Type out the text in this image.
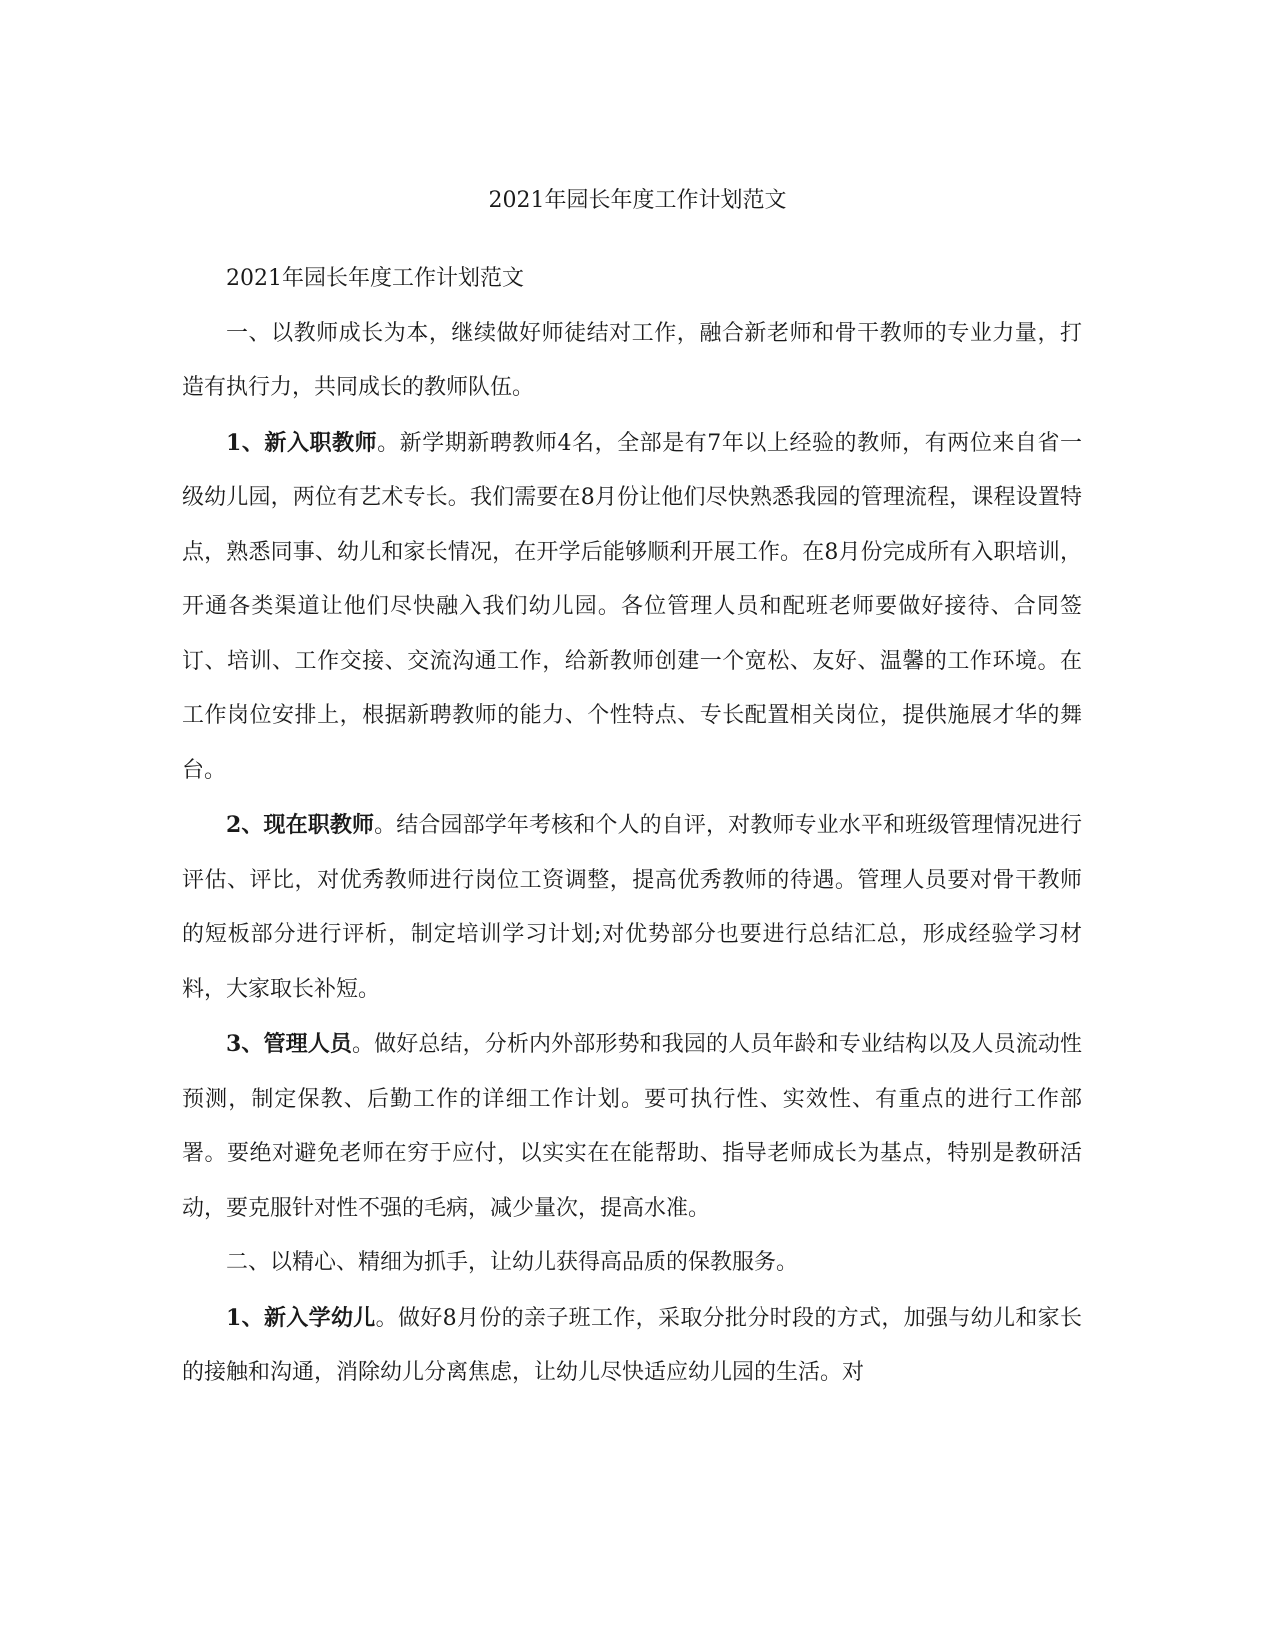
2021年园长年度工作计划范文

2021年园长年度工作计划范文

一、以教师成长为本，继续做好师徒结对工作，融合新老师和骨干教师的专业力量，打造有执行力，共同成长的教师队伍。

1、新入职教师。新学期新聘教师4名，全部是有7年以上经验的教师，有两位来自省一级幼儿园，两位有艺术专长。我们需要在8月份让他们尽快熟悉我园的管理流程，课程设置特点，熟悉同事、幼儿和家长情况，在开学后能够顺利开展工作。在8月份完成所有入职培训，开通各类渠道让他们尽快融入我们幼儿园。各位管理人员和配班老师要做好接待、合同签订、培训、工作交接、交流沟通工作，给新教师创建一个宽松、友好、温馨的工作环境。在工作岗位安排上，根据新聘教师的能力、个性特点、专长配置相关岗位，提供施展才华的舞台。

2、现在职教师。结合园部学年考核和个人的自评，对教师专业水平和班级管理情况进行评估、评比，对优秀教师进行岗位工资调整，提高优秀教师的待遇。管理人员要对骨干教师的短板部分进行评析，制定培训学习计划;对优势部分也要进行总结汇总，形成经验学习材料，大家取长补短。

3、管理人员。做好总结，分析内外部形势和我园的人员年龄和专业结构以及人员流动性预测，制定保教、后勤工作的详细工作计划。要可执行性、实效性、有重点的进行工作部署。要绝对避免老师在穷于应付，以实实在在能帮助、指导老师成长为基点，特别是教研活动，要克服针对性不强的毛病，减少量次，提高水准。

二、以精心、精细为抓手，让幼儿获得高品质的保教服务。

1、新入学幼儿。做好8月份的亲子班工作，采取分批分时段的方式，加强与幼儿和家长的接触和沟通，消除幼儿分离焦虑，让幼儿尽快适应幼儿园的生活。对
